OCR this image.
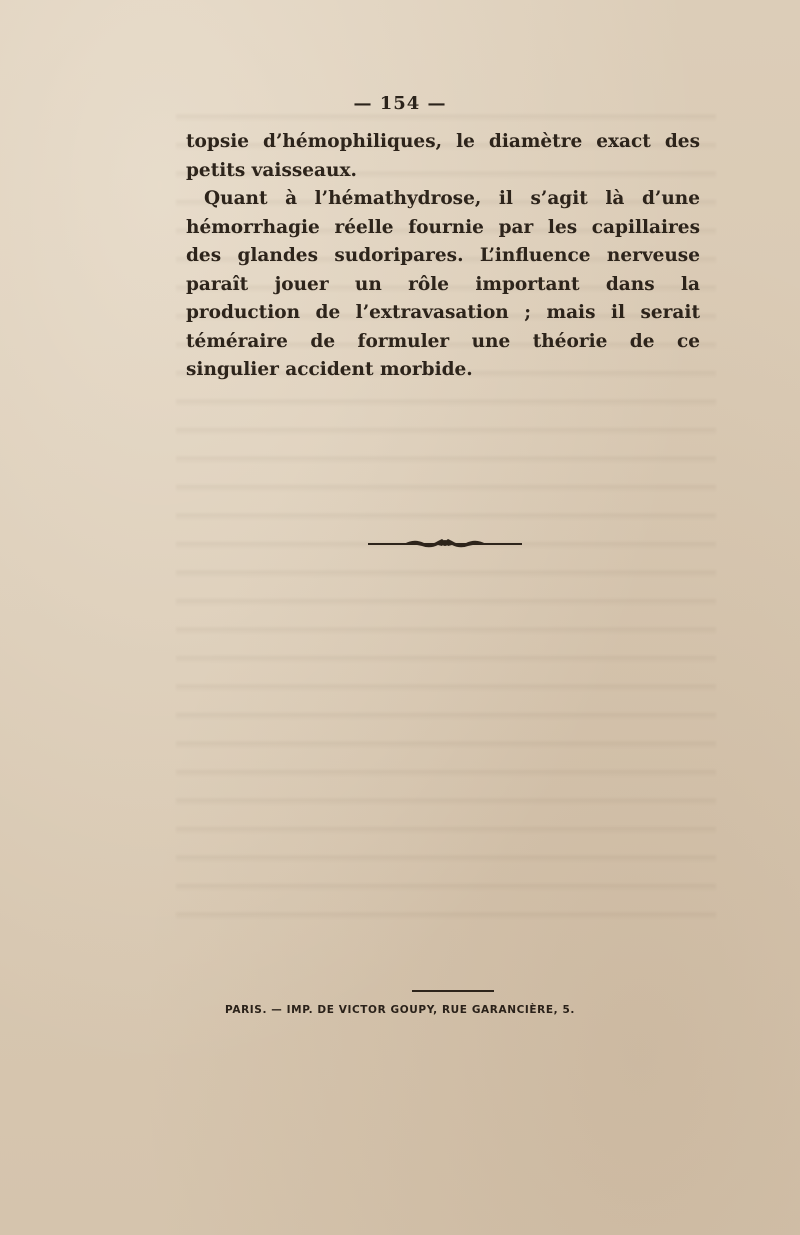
— 154 —

topsie d’hémophiliques, le diamètre exact des petits vaisseaux.

Quant à l’hémathydrose, il s’agit là d’une hémorrhagie réelle fournie par les capillaires des glandes sudoripares. L’influence nerveuse paraît jouer un rôle important dans la production de l’extravasation ; mais il serait téméraire de formuler une théorie de ce singulier accident morbide.

PARIS. — IMP. DE VICTOR GOUPY, RUE GARANCIÈRE, 5.
